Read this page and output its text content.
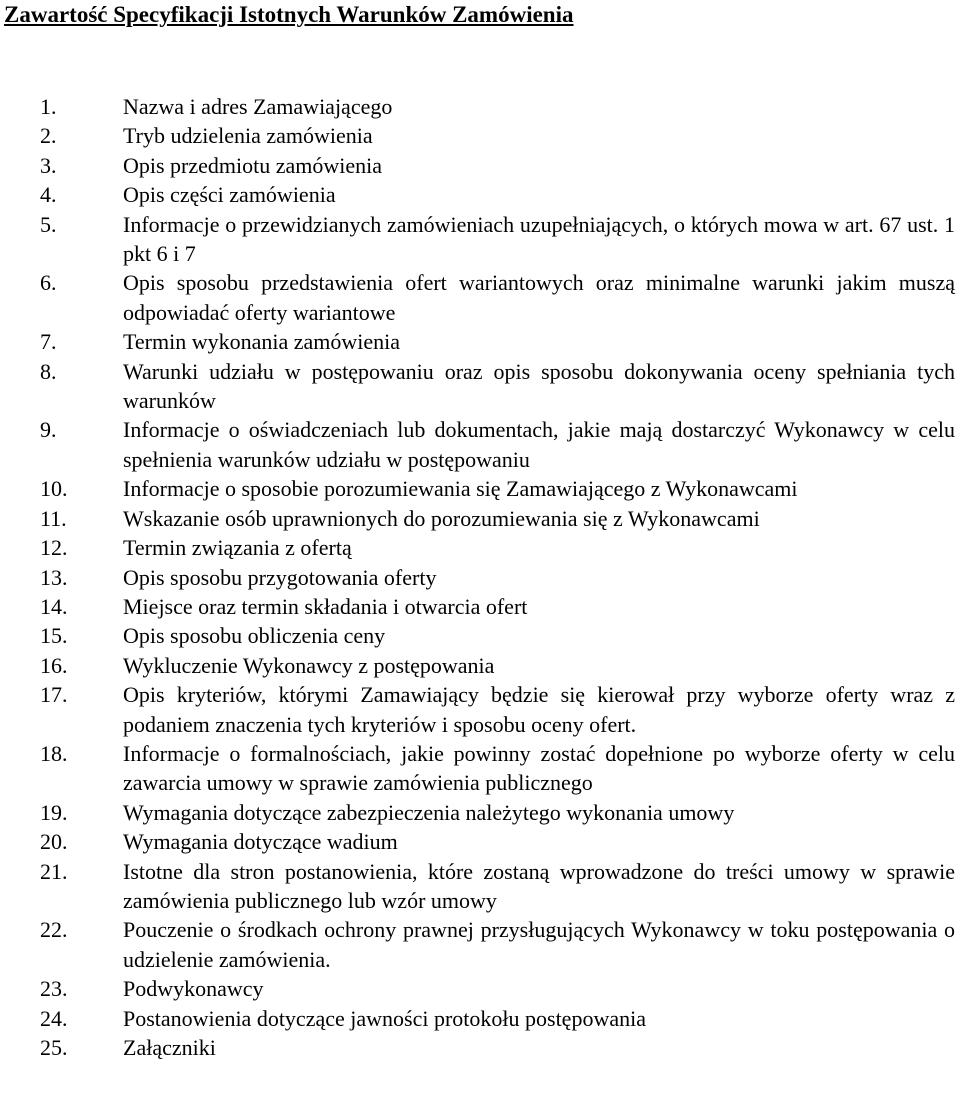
Zawartość Specyfikacji Istotnych Warunków Zamówienia
1.	Nazwa i adres Zamawiającego
2.	Tryb udzielenia zamówienia
3.	Opis przedmiotu zamówienia
4.	Opis części zamówienia
5.	Informacje o przewidzianych zamówieniach uzupełniających, o których mowa w art. 67 ust. 1 pkt 6 i 7
6.	Opis sposobu przedstawienia ofert wariantowych oraz minimalne warunki jakim muszą odpowiadać oferty wariantowe
7.	Termin wykonania zamówienia
8.	Warunki udziału w postępowaniu oraz opis sposobu dokonywania oceny spełniania tych warunków
9.	Informacje o oświadczeniach lub dokumentach, jakie mają dostarczyć Wykonawcy w celu spełnienia warunków udziału w postępowaniu
10.	Informacje o sposobie porozumiewania się Zamawiającego z Wykonawcami
11.	Wskazanie osób uprawnionych do porozumiewania się z Wykonawcami
12.	Termin związania z ofertą
13.	Opis sposobu przygotowania oferty
14.	Miejsce oraz termin składania i otwarcia ofert
15.	Opis sposobu obliczenia ceny
16.	Wykluczenie Wykonawcy z postępowania
17.	Opis kryteriów, którymi Zamawiający będzie się kierował przy wyborze oferty wraz z podaniem znaczenia tych kryteriów i sposobu oceny ofert.
18.	Informacje o formalnościach, jakie powinny zostać dopełnione po wyborze oferty w celu zawarcia umowy w sprawie zamówienia publicznego
19.	Wymagania dotyczące zabezpieczenia należytego wykonania umowy
20.	Wymagania dotyczące wadium
21.	Istotne dla stron postanowienia, które zostaną wprowadzone do treści umowy w sprawie zamówienia publicznego lub wzór umowy
22.	Pouczenie o środkach ochrony prawnej przysługujących Wykonawcy w toku postępowania o udzielenie zamówienia.
23.	Podwykonawcy
24.	Postanowienia dotyczące jawności protokołu postępowania
25.	Załączniki
